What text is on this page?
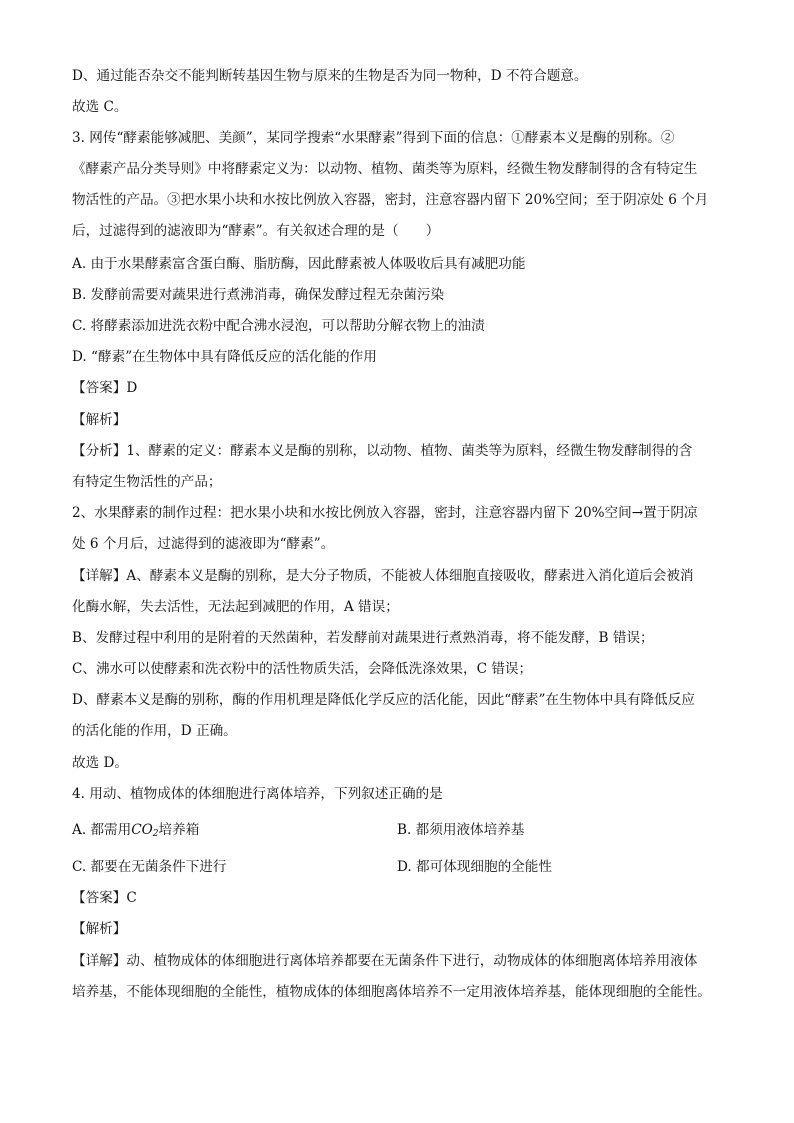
D、通过能否杂交不能判断转基因生物与原来的生物是否为同一物种，D 不符合题意。
故选 C。
3. 网传“酵素能够减肥、美颜”，某同学搜索“水果酵素”得到下面的信息：①酵素本义是酶的别称。②
《酵素产品分类导则》中将酵素定义为：以动物、植物、菌类等为原料，经微生物发酵制得的含有特定生
物活性的产品。③把水果小块和水按比例放入容器，密封，注意容器内留下 20%空间；至于阴凉处 6 个月
后，过滤得到的滤液即为“酵素”。有关叙述合理的是（　　）
A. 由于水果酵素富含蛋白酶、脂肪酶，因此酵素被人体吸收后具有减肥功能
B. 发酵前需要对蔬果进行煮沸消毒，确保发酵过程无杂菌污染
C. 将酵素添加进洗衣粉中配合沸水浸泡，可以帮助分解衣物上的油渍
D. “酵素”在生物体中具有降低反应的活化能的作用
【答案】D
【解析】
【分析】1、酵素的定义：酵素本义是酶的别称，以动物、植物、菌类等为原料，经微生物发酵制得的含
有特定生物活性的产品；
2、水果酵素的制作过程：把水果小块和水按比例放入容器，密封，注意容器内留下 20%空间→置于阴凉
处 6 个月后，过滤得到的滤液即为“酵素”。
【详解】A、酵素本义是酶的别称，是大分子物质，不能被人体细胞直接吸收，酵素进入消化道后会被消
化酶水解，失去活性，无法起到减肥的作用，A 错误；
B、发酵过程中利用的是附着的天然菌种，若发酵前对蔬果进行煮熟消毒，将不能发酵，B 错误；
C、沸水可以使酵素和洗衣粉中的活性物质失活，会降低洗涤效果，C 错误；
D、酵素本义是酶的别称，酶的作用机理是降低化学反应的活化能，因此“酵素”在生物体中具有降低反应
的活化能的作用，D 正确。
故选 D。
4. 用动、植物成体的体细胞进行离体培养，下列叙述正确的是
A. 都需用$CO_2$培养箱	B. 都须用液体培养基
C. 都要在无菌条件下进行	D. 都可体现细胞的全能性
【答案】C
【解析】
【详解】动、植物成体的体细胞进行离体培养都要在无菌条件下进行，动物成体的体细胞离体培养用液体
培养基，不能体现细胞的全能性，植物成体的体细胞离体培养不一定用液体培养基，能体现细胞的全能性。
